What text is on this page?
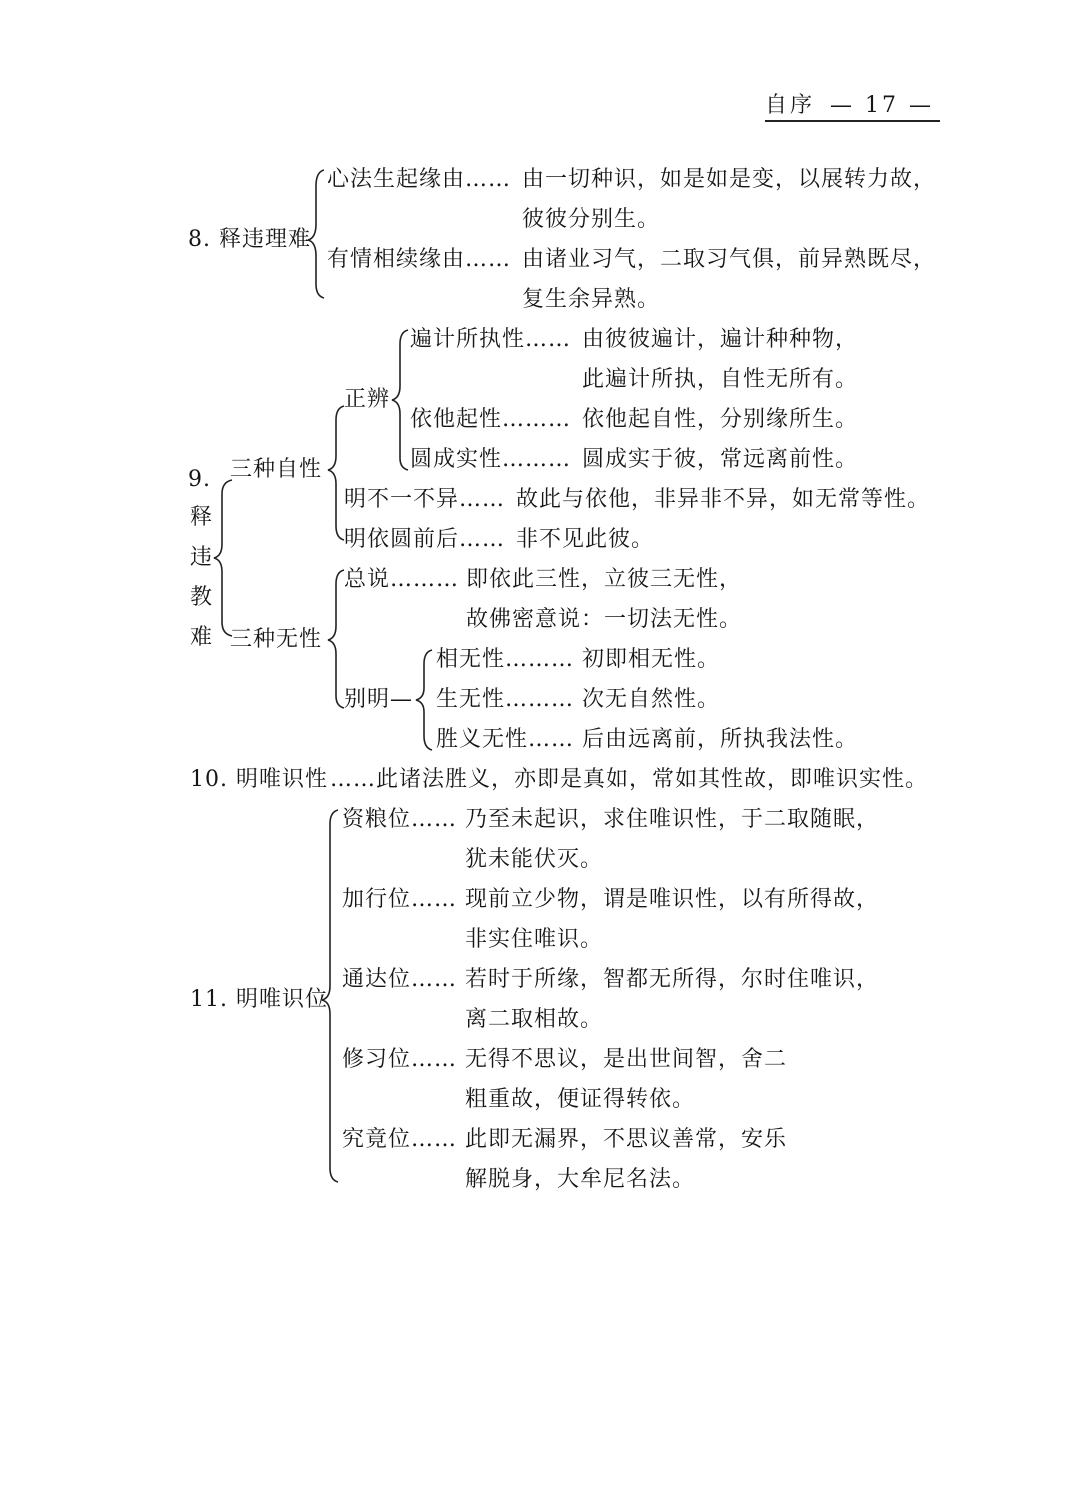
自序 — 17 —
8. 释违理难
心法生起缘由…… 由一切种识，如是如是变，以展转力故，
彼彼分别生。
有情相续缘由…… 由诸业习气，二取习气俱，前异熟既尽，
复生余异熟。
9.
释
违
教
难
三种自性
正辨
遍计所执性…… 由彼彼遍计，遍计种种物，
此遍计所执，自性无所有。
依他起性……… 依他起自性，分别缘所生。
圆成实性……… 圆成实于彼，常远离前性。
明不一不异…… 故此与依他，非异非不异，如无常等性。
明依圆前后…… 非不见此彼。
三种无性
总说……… 即依此三性，立彼三无性，
故佛密意说：一切法无性。
别明—
相无性……… 初即相无性。
生无性……… 次无自然性。
胜义无性…… 后由远离前，所执我法性。
10. 明唯识性 ……此诸法胜义，亦即是真如，常如其性故，即唯识实性。
11. 明唯识位
资粮位…… 乃至未起识，求住唯识性，于二取随眠，
犹未能伏灭。
加行位…… 现前立少物，谓是唯识性，以有所得故，
非实住唯识。
通达位…… 若时于所缘，智都无所得，尔时住唯识，
离二取相故。
修习位…… 无得不思议，是出世间智，舍二
粗重故，便证得转依。
究竟位…… 此即无漏界，不思议善常，安乐
解脱身，大牟尼名法。
